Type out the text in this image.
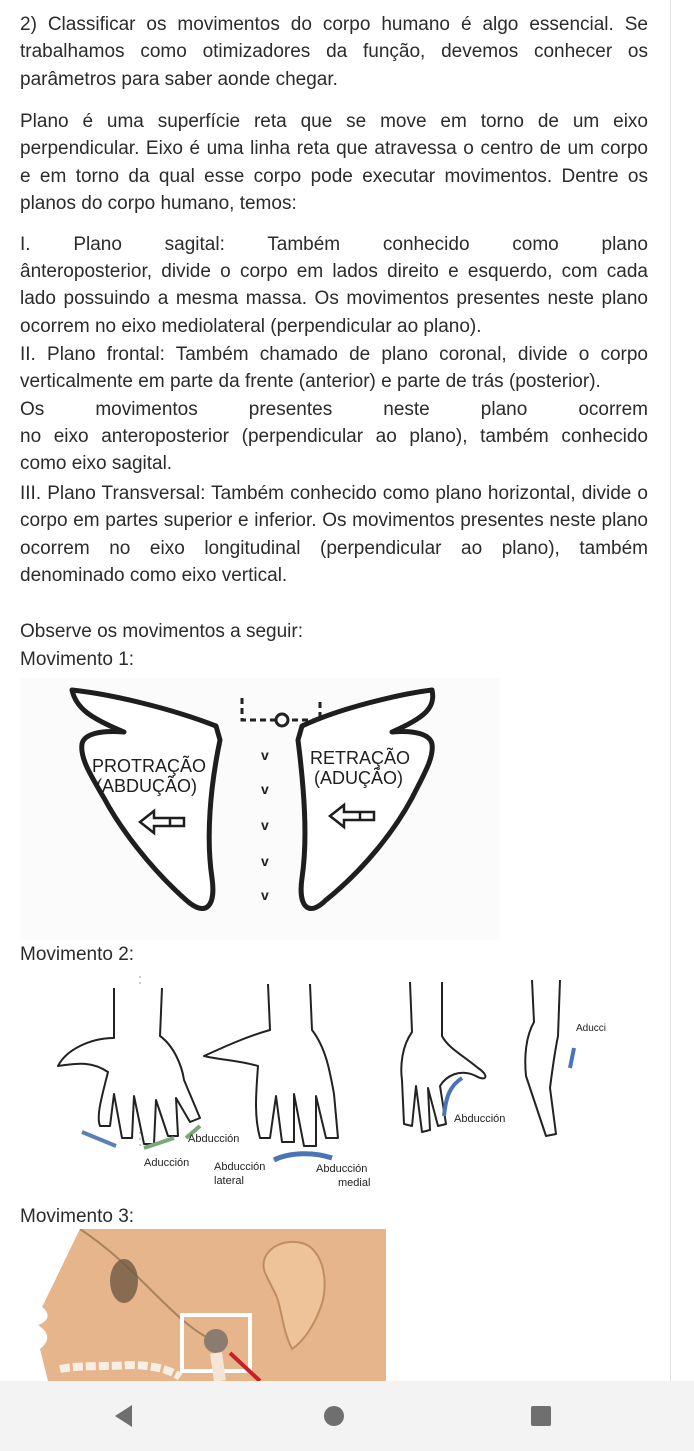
2) Classificar os movimentos do corpo humano é algo essencial. Se trabalhamos como otimizadores da função, devemos conhecer os parâmetros para saber aonde chegar.

Plano é uma superfície reta que se move em torno de um eixo perpendicular. Eixo é uma linha reta que atravessa o centro de um corpo e em torno da qual esse corpo pode executar movimentos. Dentre os planos do corpo humano, temos:

I. Plano sagital: Também conhecido como plano

ânteroposterior, divide o corpo em lados direito e esquerdo, com cada lado possuindo a mesma massa. Os movimentos presentes neste plano ocorrem no eixo mediolateral (perpendicular ao plano).

II. Plano frontal: Também chamado de plano coronal, divide o corpo verticalmente em parte da frente (anterior) e parte de trás (posterior).

Os movimentos presentes neste plano ocorrem

no eixo anteroposterior (perpendicular ao plano), também conhecido como eixo sagital.

III. Plano Transversal: Também conhecido como plano horizontal, divide o corpo em partes superior e inferior. Os movimentos presentes neste plano ocorrem no eixo longitudinal (perpendicular ao plano), também denominado como eixo vertical.

Observe os movimentos a seguir:

Movimento 1:

v
v
v
v
v
PROTRAÇÃO
(ABDUÇÃO)
RETRAÇÃO
(ADUÇÃO)

Movimento 2:

Abducción
Aducción Abducción
lateral
Abducción
medial
Abducción
Aducci

Movimento 3:
